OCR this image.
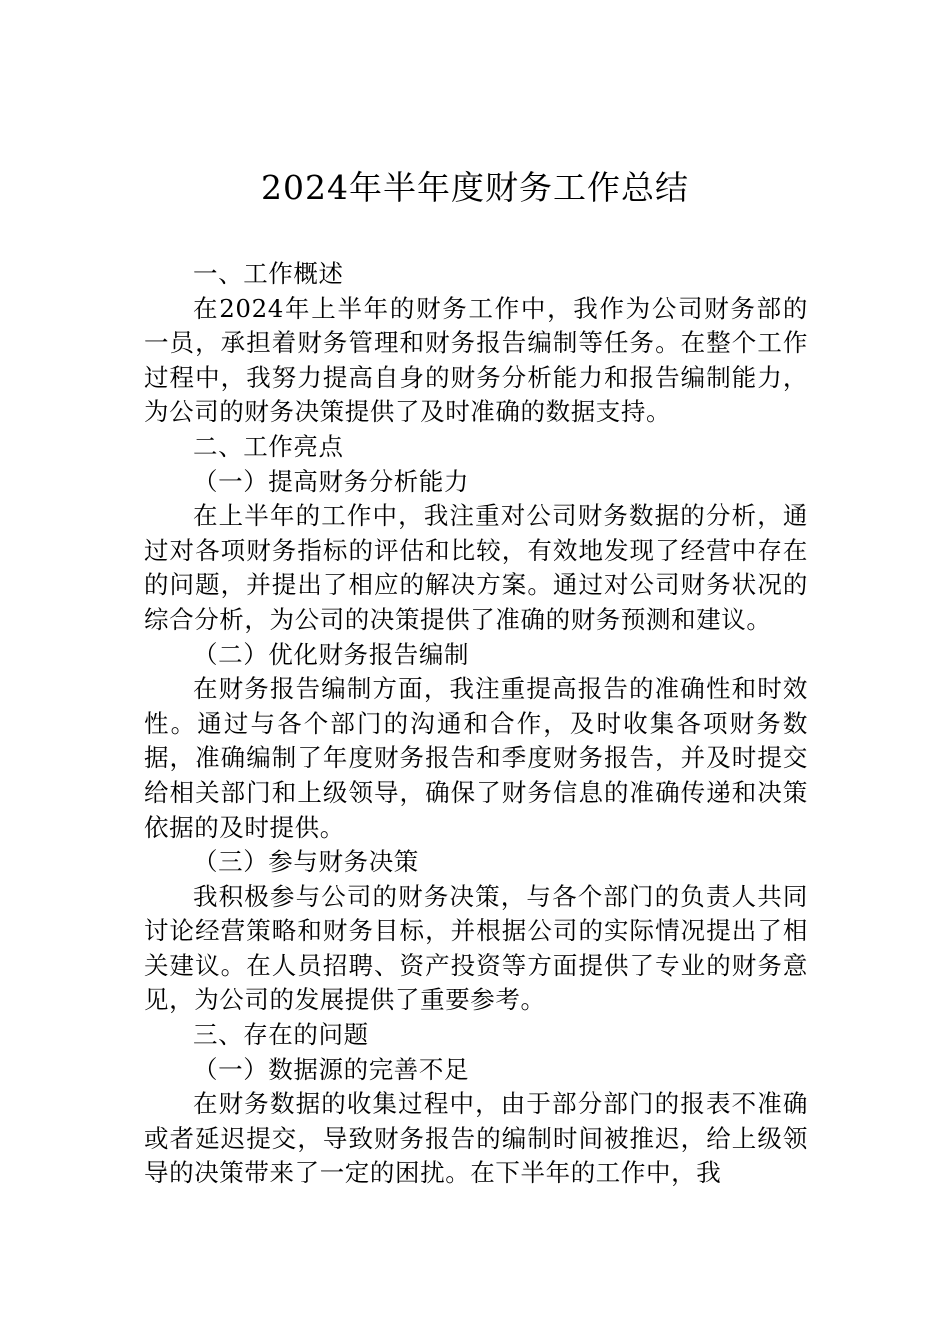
2024年半年度财务工作总结

一、工作概述

在2024年上半年的财务工作中，我作为公司财务部的一员，承担着财务管理和财务报告编制等任务。在整个工作过程中，我努力提高自身的财务分析能力和报告编制能力，为公司的财务决策提供了及时准确的数据支持。

二、工作亮点

（一）提高财务分析能力

在上半年的工作中，我注重对公司财务数据的分析，通过对各项财务指标的评估和比较，有效地发现了经营中存在的问题，并提出了相应的解决方案。通过对公司财务状况的综合分析，为公司的决策提供了准确的财务预测和建议。

（二）优化财务报告编制

在财务报告编制方面，我注重提高报告的准确性和时效性。通过与各个部门的沟通和合作，及时收集各项财务数据，准确编制了年度财务报告和季度财务报告，并及时提交给相关部门和上级领导，确保了财务信息的准确传递和决策依据的及时提供。

（三）参与财务决策

我积极参与公司的财务决策，与各个部门的负责人共同讨论经营策略和财务目标，并根据公司的实际情况提出了相关建议。在人员招聘、资产投资等方面提供了专业的财务意见，为公司的发展提供了重要参考。

三、存在的问题

（一）数据源的完善不足

在财务数据的收集过程中，由于部分部门的报表不准确或者延迟提交，导致财务报告的编制时间被推迟，给上级领导的决策带来了一定的困扰。在下半年的工作中，我
